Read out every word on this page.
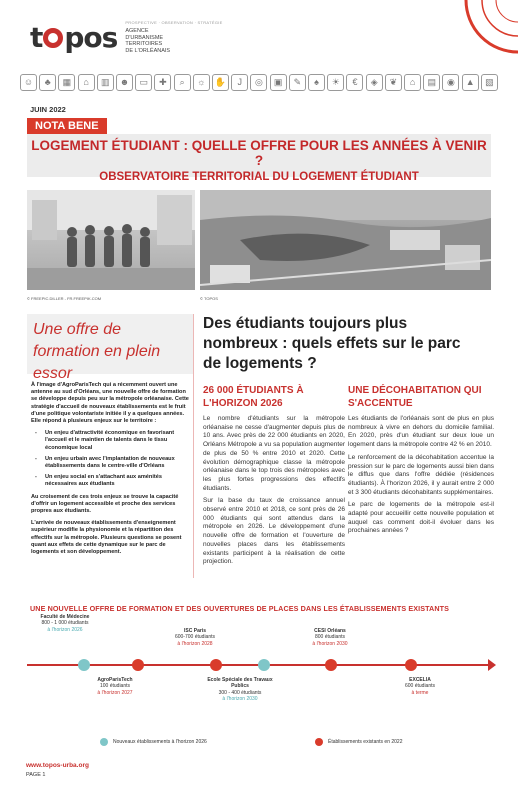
t pos PROSPECTIVE · OBSERVATION · STRATÉGIE
AGENCE
D'URBANISME
TERRITOIRES
DE L'ORLÉANAIS
☺	♣	▦	⌂	▥	☻	▭	✚	⌕	☼	✋	J	◎	▣	✎	♠	☀	€	◈	❦	⌂	▤	◉	▲	▧
JUIN 2022
NOTA BENE
LOGEMENT ÉTUDIANT : QUELLE OFFRE POUR LES ANNÉES À VENIR ?
OBSERVATOIRE TERRITORIAL DU LOGEMENT ÉTUDIANT
© FREEPIC.DILLER - FR.FREEPIK.COM	© TOPOS
Une offre de formation en plein essor

À l'image d'AgroParisTech qui a récemment ouvert une antenne au sud d'Orléans, une nouvelle offre de formation se développe depuis peu sur la métropole orléanaise. Cette stratégie d'accueil de nouveaux établissements est le fruit d'une politique volontariste initiée il y a quelques années. Elle répond à plusieurs enjeux sur le territoire :

- Un enjeu d'attractivité économique en favorisant l'accueil et le maintien de talents dans le tissu économique local
- Un enjeu urbain avec l'implantation de nouveaux établissements dans le centre-ville d'Orléans
- Un enjeu social en s'attachant aux aménités nécessaires aux étudiants

Au croisement de ces trois enjeux se trouve la capacité d'offrir un logement accessible et proche des services propres aux étudiants.

L'arrivée de nouveaux établissements d'enseignement supérieur modifie la physionomie et la répartition des effectifs sur la métropole. Plusieurs questions se posent quant aux effets de cette dynamique sur le parc de logements et son développement.

Des étudiants toujours plus nombreux : quels effets sur le parc de logements ?
26 000 ÉTUDIANTS À L'HORIZON 2026

Le nombre d'étudiants sur la métropole orléanaise ne cesse d'augmenter depuis plus de 10 ans. Avec près de 22 000 étudiants en 2020, Orléans Métropole a vu sa population augmenter de plus de 50 % entre 2010 et 2020. Cette évolution démographique classe la métropole orléanaise dans le top trois des métropoles avec les plus fortes progressions des effectifs étudiants.

Sur la base du taux de croissance annuel observé entre 2010 et 2018, ce sont près de 26 000 étudiants qui sont attendus dans la métropole en 2026. Le développement d'une nouvelle offre de formation et l'ouverture de nouvelles places dans les établissements existants participent à la réalisation de cette projection.

UNE DÉCOHABITATION QUI S'ACCENTUE

Les étudiants de l'orléanais sont de plus en plus nombreux à vivre en dehors du domicile familial. En 2020, près d'un étudiant sur deux loue un logement dans la métropole contre 42 % en 2010.

Le renforcement de la décohabitation accentue la pression sur le parc de logements aussi bien dans le diffus que dans l'offre dédiée (résidences étudiants). À l'horizon 2026, il y aurait entre 2 000 et 3 300 étudiants décohabitants supplémentaires.

Le parc de logements de la métropole est-il adapté pour accueillir cette nouvelle population et auquel cas comment doit-il évoluer dans les prochaines années ?

UNE NOUVELLE OFFRE DE FORMATION ET DES OUVERTURES DE PLACES DANS LES ÉTABLISSEMENTS EXISTANTS
Faculté de Médecine
800 - 1 000 étudiants
à l'horizon 2026	ISC Paris
600-700 étudiants
à l'horizon 2028
CESI Orléans
800 étudiants
à l'horizon 2030
AgroParisTech
100 étudiants
à l'horizon 2027
Ecole Spéciale des Travaux Publics
300 - 400 étudiants
à l'horizon 2030
EXCELIA
600 étudiants
à terme
Nouveaux établissements à l'horizon 2026	Établissements existants en 2022
www.topos-urba.org
PAGE 1
